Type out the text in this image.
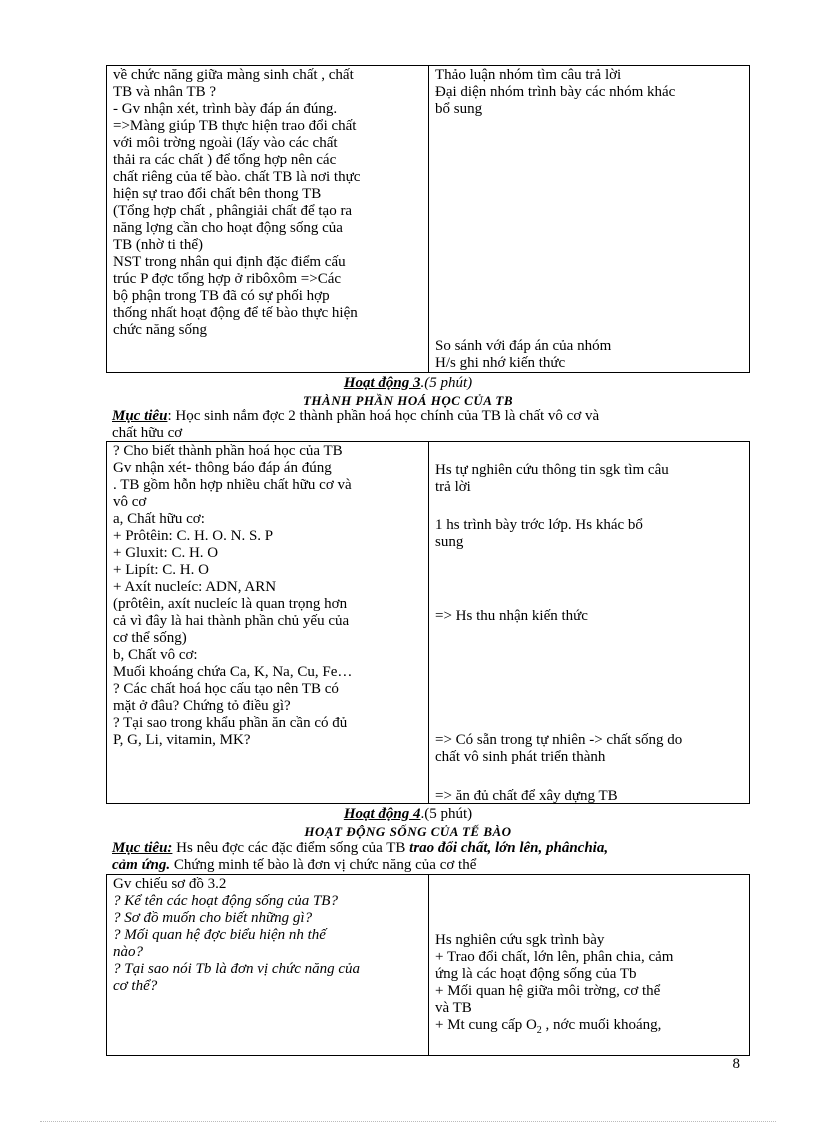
về chức năng giữa màng sinh chất , chất
TB và nhân TB ?
- Gv nhận xét, trình bày đáp án đúng.
=>Màng giúp TB thực hiện trao đổi chất
với môi trờng ngoài (lấy vào các chất
thải ra các chất ) để tổng hợp nên các
chất riêng của tế bào. chất TB là nơi thực
hiện sự trao đổi chất bên thong TB
(Tổng hợp chất , phângiải chất để tạo ra
năng lợng cần cho hoạt động sống của
TB (nhờ ti thể)
NST trong nhân qui định đặc điểm cấu
trúc P đợc tổng hợp ở ribôxôm =>Các
bộ phận trong TB đã có sự phối hợp
thống nhất hoạt động để tế bào thực hiện
chức năng sống
Thảo luận nhóm tìm câu trả lời
Đại diện nhóm trình bày các nhóm khác
bổ sung
So sánh với đáp án của nhóm
H/s ghi nhớ kiến thức
Hoạt động 3.(5 phút)
THÀNH PHẦN HOÁ HỌC CỦA TB
Mục tiêu: Học sinh nắm đợc 2 thành phần hoá học chính của TB là chất vô cơ và
chất hữu cơ
? Cho biết thành phần hoá học của TB
Gv nhận xét- thông báo đáp án đúng
. TB gồm hỗn hợp nhiều chất hữu cơ và
vô cơ
a, Chất hữu cơ:
+ Prôtêin: C. H. O. N. S. P
+ Gluxit: C. H. O
+ Lipít: C. H. O
+ Axít nucleíc: ADN, ARN
(prôtêin, axít nucleíc là quan trọng hơn
cả vì đây là hai thành phần chủ yếu của
cơ thể sống)
b, Chất vô cơ:
Muối khoáng chứa Ca, K, Na, Cu, Fe…
? Các chất hoá học cấu tạo nên TB có
mặt ở đâu? Chứng tỏ điều gì?
? Tại sao trong khẩu phần ăn cần có đủ
P, G, Li, vitamin, MK?
Hs tự nghiên cứu thông tin sgk tìm câu
trả lời
1 hs trình bày trớc lớp. Hs khác bổ
sung
=> Hs thu nhận kiến thức
=> Có sẵn trong tự nhiên -> chất sống do
chất vô sinh phát triển thành
=> ăn đủ chất để xây dựng TB
Hoạt động 4.(5 phút)
HOẠT ĐỘNG SỐNG CỦA TẾ BÀO
Mục tiêu: Hs nêu đợc các đặc điểm sống của TB trao đổi chất, lớn lên, phânchia,
cảm ứng. Chứng minh tế bào là đơn vị chức năng của cơ thể
Gv chiếu sơ đồ 3.2
? Kể tên các hoạt động sống của TB?
? Sơ đồ muốn cho biết những gì?
? Mối quan hệ đợc biểu hiện nh thế
nào?
? Tại sao nói Tb là đơn vị chức năng của
cơ thể?
Hs nghiên cứu sgk trình bày
+ Trao đổi chất, lớn lên, phân chia, cảm
ứng là các hoạt động sống của Tb
+ Mối quan hệ giữa môi trờng, cơ thể
và TB
+ Mt cung cấp $O_2$ , nớc muối khoáng,
8
